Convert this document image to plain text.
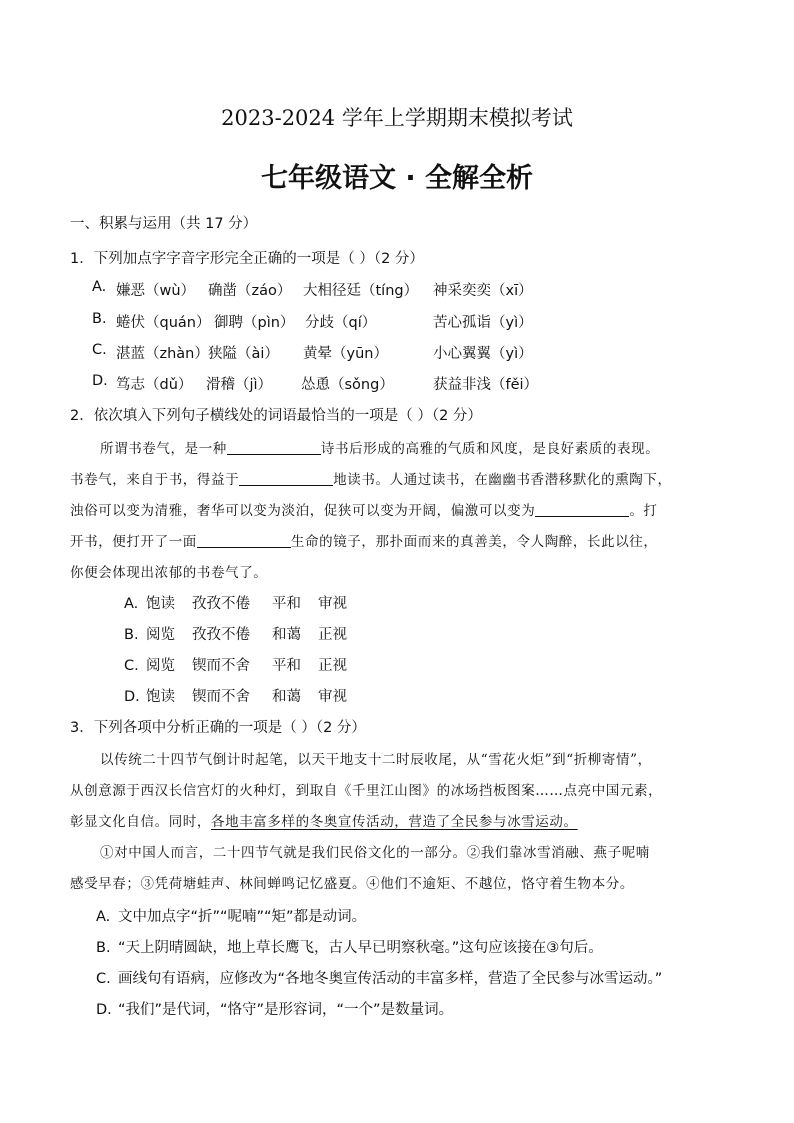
2023-2024 学年上学期期末模拟考试
七年级语文 · 全解全析
一、积累与运用（共 17 分）
1．下列加点字字音字形完全正确的一项是（ ）（2 分）
A. 嫌恶（wù） 确凿（záo） 大相径廷（tíng） 神采奕奕（xī）
B. 蜷伏（quán） 御聘（pìn） 分歧（qí）	苦心孤诣（yì）
C. 湛蓝（zhàn） 狭隘（ài） 黄晕（yūn）	小心翼翼（yì）
D. 笃志（dǔ） 滑稽（jì） 怂恿（sǒng）	获益非浅（fěi）
2．依次填入下列句子横线处的词语最恰当的一项是（ ）（2 分）
所谓书卷气，是一种	诗书后形成的高雅的气质和风度，是良好素质的表现。
书卷气，来自于书，得益于	地读书。人通过读书，在幽幽书香潜移默化的熏陶下，
浊俗可以变为清雅，奢华可以变为淡泊，促狭可以变为开阔，偏激可以变为	。打
开书，便打开了一面	生命的镜子，那扑面而来的真善美，令人陶醉，长此以往，
你便会体现出浓郁的书卷气了。
A. 饱读 孜孜不倦 平和 审视
B. 阅览 孜孜不倦 和蔼 正视
C. 阅览 锲而不舍 平和 正视
D. 饱读 锲而不舍 和蔼 审视
3．下列各项中分析正确的一项是（ ）（2 分）
以传统二十四节气倒计时起笔，以天干地支十二时辰收尾，从“雪花火炬”到“折柳寄情”，
从创意源于西汉长信宫灯的火种灯，到取自《千里江山图》的冰场挡板图案……点亮中国元素，
彰显文化自信。同时，各地丰富多样的冬奥宣传活动，营造了全民参与冰雪运动。
①对中国人而言，二十四节气就是我们民俗文化的一部分。②我们靠冰雪消融、燕子呢喃
感受早春；③凭荷塘蛙声、林间蝉鸣记忆盛夏。④他们不逾矩、不越位，恪守着生物本分。
A. 文中加点字“折”“呢喃”“矩”都是动词。
B. “天上阴晴圆缺，地上草长鹰飞，古人早已明察秋毫。”这句应该接在③句后。
C. 画线句有语病，应修改为“各地冬奥宣传活动的丰富多样，营造了全民参与冰雪运动。”
D. “我们”是代词，“恪守”是形容词，“一个”是数量词。
